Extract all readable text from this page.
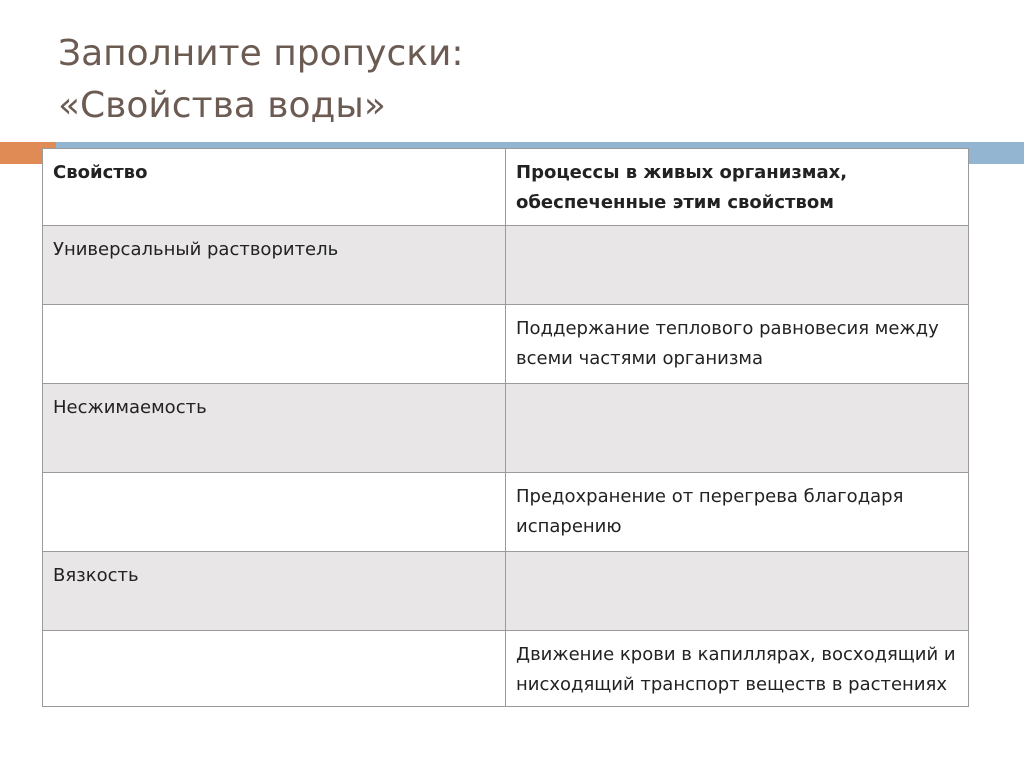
Заполните пропуски:
«Свойства воды»
Свойство	Процессы в живых организмах, обеспеченные этим свойством
Универсальный растворитель	
	Поддержание теплового равновесия между всеми частями организма
Несжимаемость	
	Предохранение от перегрева благодаря испарению
Вязкость	
	Движение крови в капиллярах, восходящий и нисходящий транспорт веществ в растениях
